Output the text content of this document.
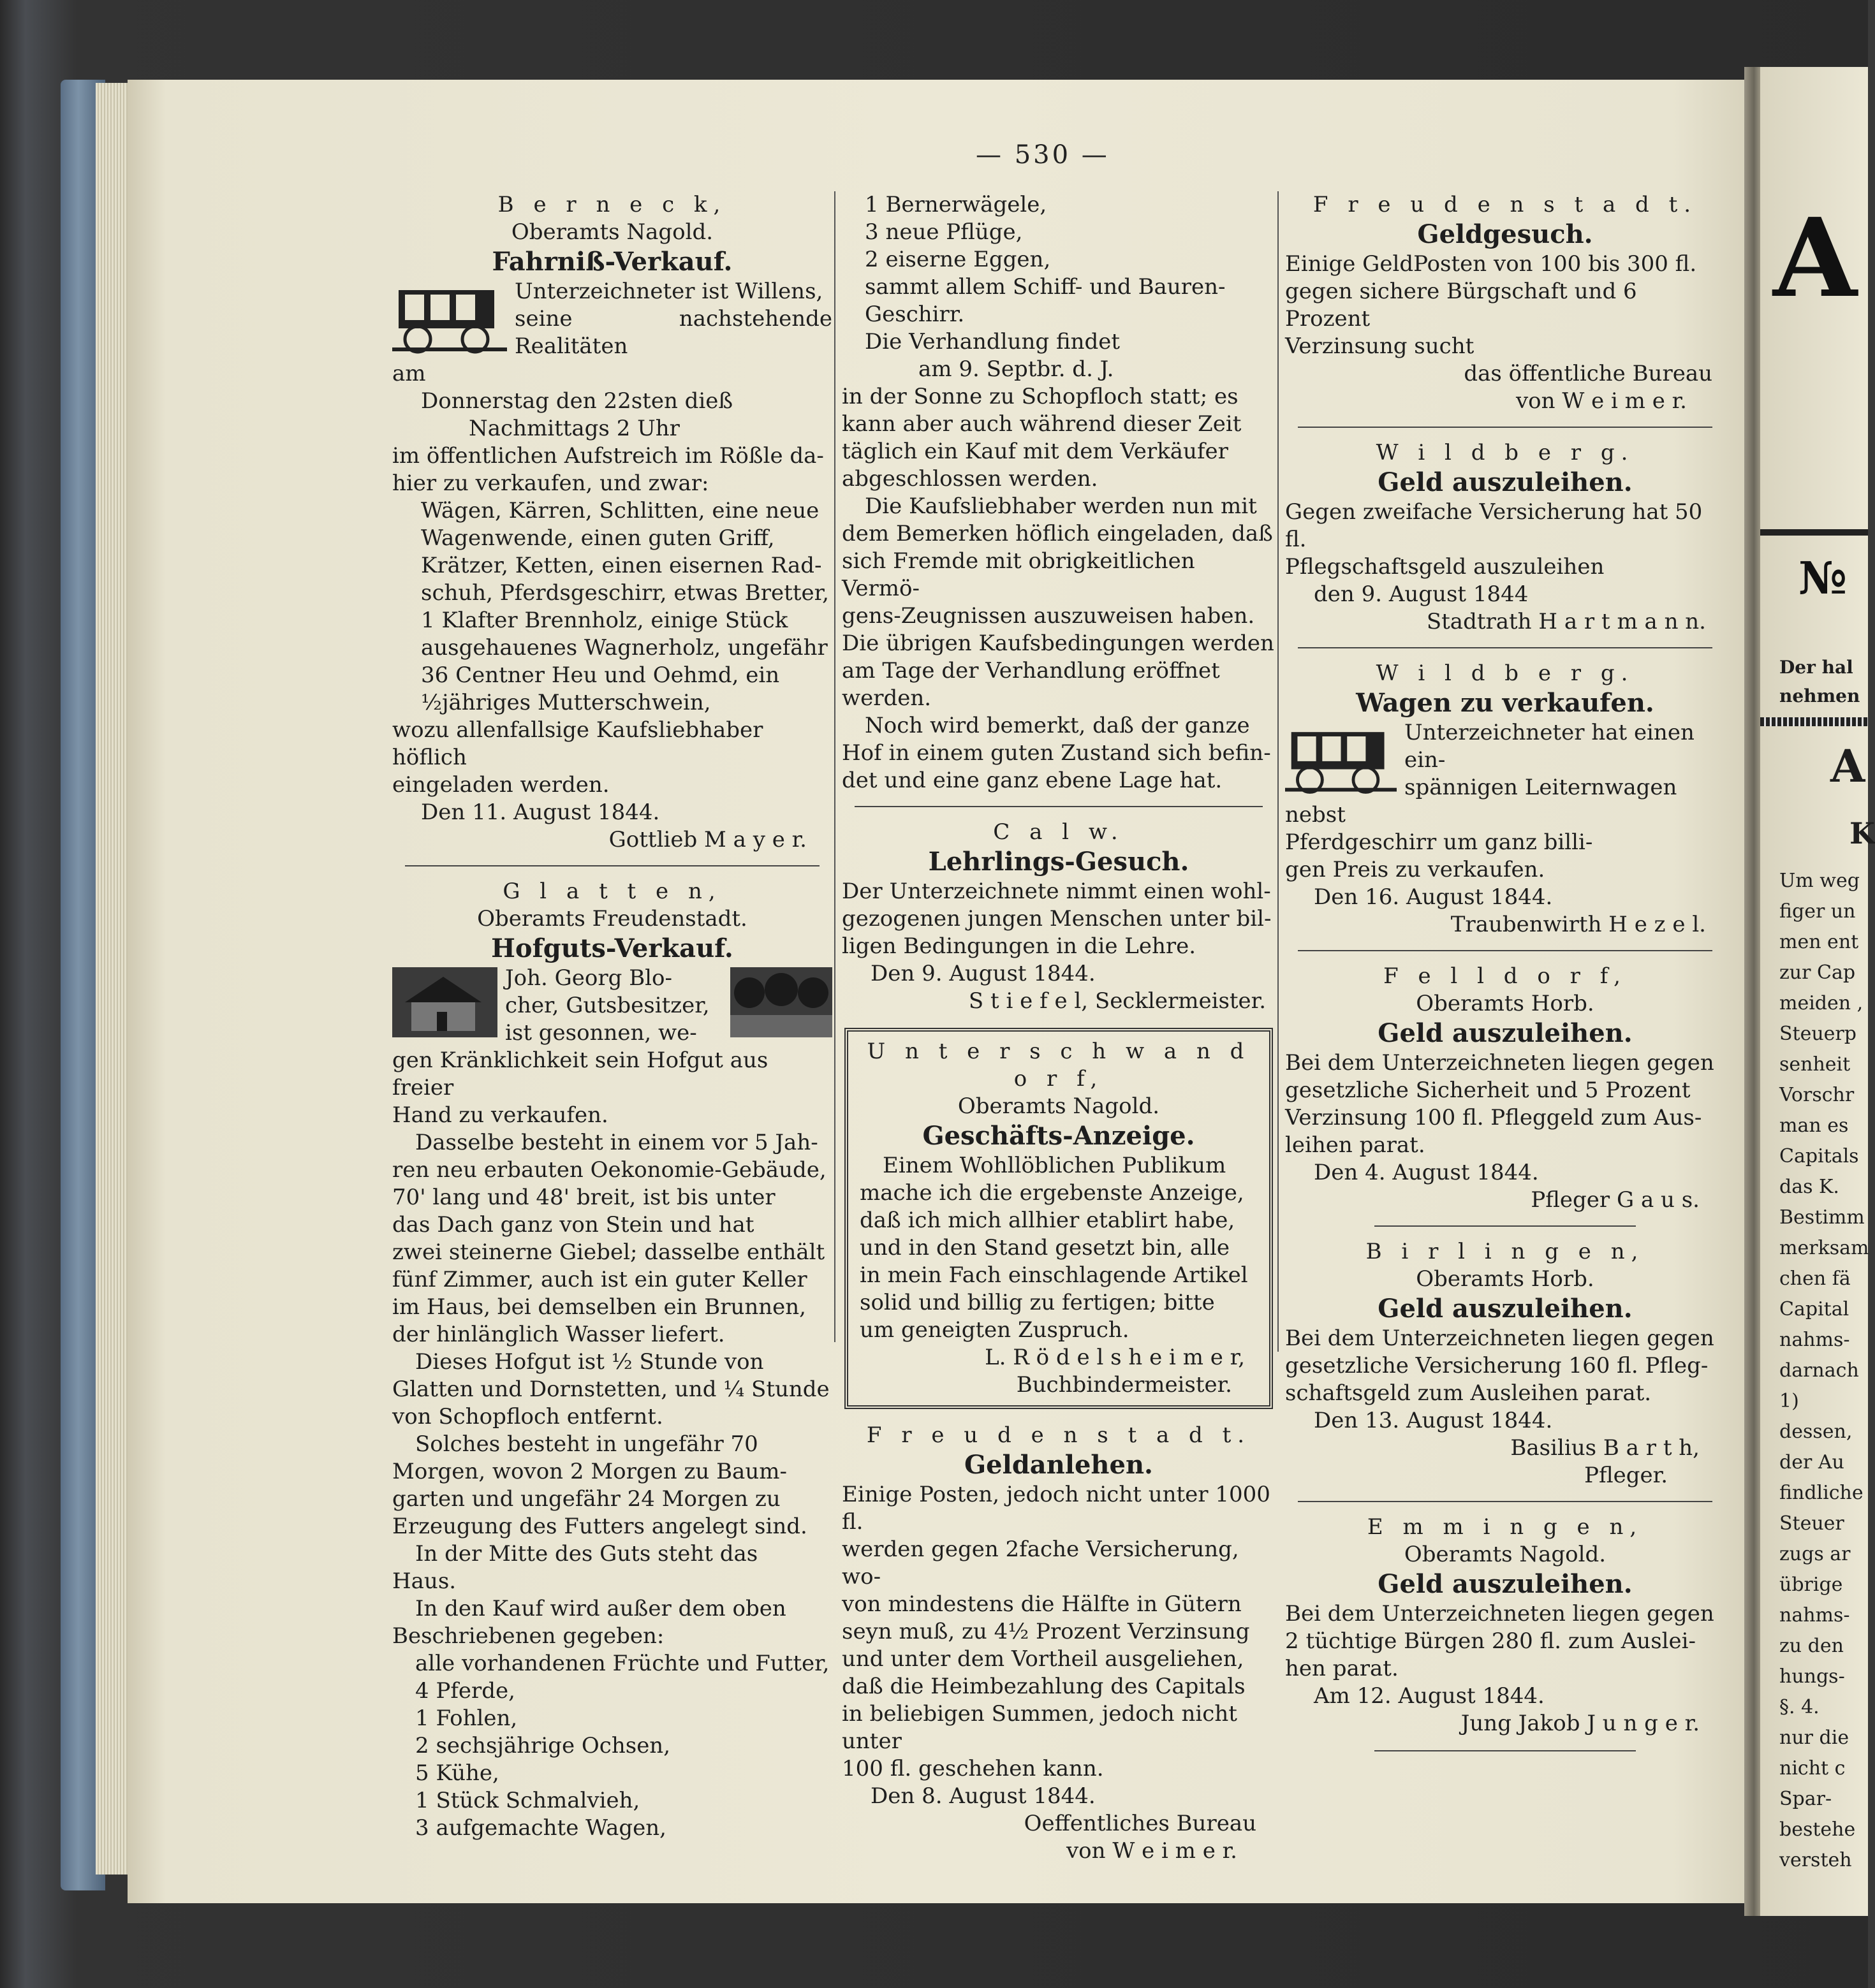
— 530 —
B e r n e c k,
Oberamts Nagold.
Fahrniß-Verkauf.
Unterzeichneter ist Willens,
seine nachstehende Realitäten
am
Donnerstag den 22sten dieß
Nachmittags 2 Uhr
im öffentlichen Aufstreich im Rößle da-
hier zu verkaufen, und zwar:
Wägen, Kärren, Schlitten, eine neue
Wagenwende, einen guten Griff,
Krätzer, Ketten, einen eisernen Rad-
schuh, Pferdsgeschirr, etwas Bretter,
1 Klafter Brennholz, einige Stück
ausgehauenes Wagnerholz, ungefähr
36 Centner Heu und Oehmd, ein
½jähriges Mutterschwein,
wozu allenfallsige Kaufsliebhaber höflich
eingeladen werden.
Den 11. August 1844.
Gottlieb M a y e r.
G l a t t e n,
Oberamts Freudenstadt.
Hofguts-Verkauf.
Joh. Georg Blo-
cher, Gutsbesitzer,
ist gesonnen, we-
gen Kränklichkeit sein Hofgut aus freier
Hand zu verkaufen.
Dasselbe besteht in einem vor 5 Jah-
ren neu erbauten Oekonomie-Gebäude,
70' lang und 48' breit, ist bis unter
das Dach ganz von Stein und hat
zwei steinerne Giebel; dasselbe enthält
fünf Zimmer, auch ist ein guter Keller
im Haus, bei demselben ein Brunnen,
der hinlänglich Wasser liefert.
Dieses Hofgut ist ½ Stunde von
Glatten und Dornstetten, und ¼ Stunde
von Schopfloch entfernt.
Solches besteht in ungefähr 70
Morgen, wovon 2 Morgen zu Baum-
garten und ungefähr 24 Morgen zu
Erzeugung des Futters angelegt sind.
In der Mitte des Guts steht das
Haus.
In den Kauf wird außer dem oben
Beschriebenen gegeben:
alle vorhandenen Früchte und Futter,
4 Pferde,
1 Fohlen,
2 sechsjährige Ochsen,
5 Kühe,
1 Stück Schmalvieh,
3 aufgemachte Wagen,
1 Bernerwägele,
3 neue Pflüge,
2 eiserne Eggen,
sammt allem Schiff- und Bauren-
Geschirr.
Die Verhandlung findet
am 9. Septbr. d. J.
in der Sonne zu Schopfloch statt; es
kann aber auch während dieser Zeit
täglich ein Kauf mit dem Verkäufer
abgeschlossen werden.
Die Kaufsliebhaber werden nun mit
dem Bemerken höflich eingeladen, daß
sich Fremde mit obrigkeitlichen Vermö-
gens-Zeugnissen auszuweisen haben.
Die übrigen Kaufsbedingungen werden
am Tage der Verhandlung eröffnet
werden.
Noch wird bemerkt, daß der ganze
Hof in einem guten Zustand sich befin-
det und eine ganz ebene Lage hat.
C a l w.
Lehrlings-Gesuch.
Der Unterzeichnete nimmt einen wohl-
gezogenen jungen Menschen unter bil-
ligen Bedingungen in die Lehre.
Den 9. August 1844.
S t i e f e l, Secklermeister.
U n t e r s c h w a n d o r f,
Oberamts Nagold.
Geschäfts-Anzeige.
Einem Wohllöblichen Publikum
mache ich die ergebenste Anzeige,
daß ich mich allhier etablirt habe,
und in den Stand gesetzt bin, alle
in mein Fach einschlagende Artikel
solid und billig zu fertigen; bitte
um geneigten Zuspruch.
L. R ö d e l s h e i m e r,
Buchbindermeister.
F r e u d e n s t a d t.
Geldanlehen.
Einige Posten, jedoch nicht unter 1000 fl.
werden gegen 2fache Versicherung, wo-
von mindestens die Hälfte in Gütern
seyn muß, zu 4½ Prozent Verzinsung
und unter dem Vortheil ausgeliehen,
daß die Heimbezahlung des Capitals
in beliebigen Summen, jedoch nicht unter
100 fl. geschehen kann.
Den 8. August 1844.
Oeffentliches Bureau
von W e i m e r.
F r e u d e n s t a d t.
Geldgesuch.
Einige GeldPosten von 100 bis 300 fl.
gegen sichere Bürgschaft und 6 Prozent
Verzinsung sucht
das öffentliche Bureau
von W e i m e r.
W i l d b e r g.
Geld auszuleihen.
Gegen zweifache Versicherung hat 50 fl.
Pflegschaftsgeld auszuleihen
den 9. August 1844
Stadtrath H a r t m a n n.
W i l d b e r g.
Wagen zu verkaufen.
Unterzeichneter hat einen ein-
spännigen Leiternwagen nebst
Pferdgeschirr um ganz billi-
gen Preis zu verkaufen.
Den 16. August 1844.
Traubenwirth H e z e l.
F e l l d o r f,
Oberamts Horb.
Geld auszuleihen.
Bei dem Unterzeichneten liegen gegen
gesetzliche Sicherheit und 5 Prozent
Verzinsung 100 fl. Pfleggeld zum Aus-
leihen parat.
Den 4. August 1844.
Pfleger G a u s.
B i r l i n g e n,
Oberamts Horb.
Geld auszuleihen.
Bei dem Unterzeichneten liegen gegen
gesetzliche Versicherung 160 fl. Pfleg-
schaftsgeld zum Ausleihen parat.
Den 13. August 1844.
Basilius B a r t h,
Pfleger.
E m m i n g e n,
Oberamts Nagold.
Geld auszuleihen.
Bei dem Unterzeichneten liegen gegen
2 tüchtige Bürgen 280 fl. zum Auslei-
hen parat.
Am 12. August 1844.
Jung Jakob J u n g e r.
A
№
Der hal
nehmen
A
K
Um weg
figer un
men ent
zur Cap
meiden ,
Steuerp
senheit
Vorschr
man es
Capitals
das K.
Bestimm
merksam
chen fä
Capital
nahms-
darnach
1)
dessen,
der Au
findliche
Steuer
zugs ar
übrige
nahms-
zu den
hungs-
§. 4.
nur die
nicht c
Spar-
bestehe
versteh
